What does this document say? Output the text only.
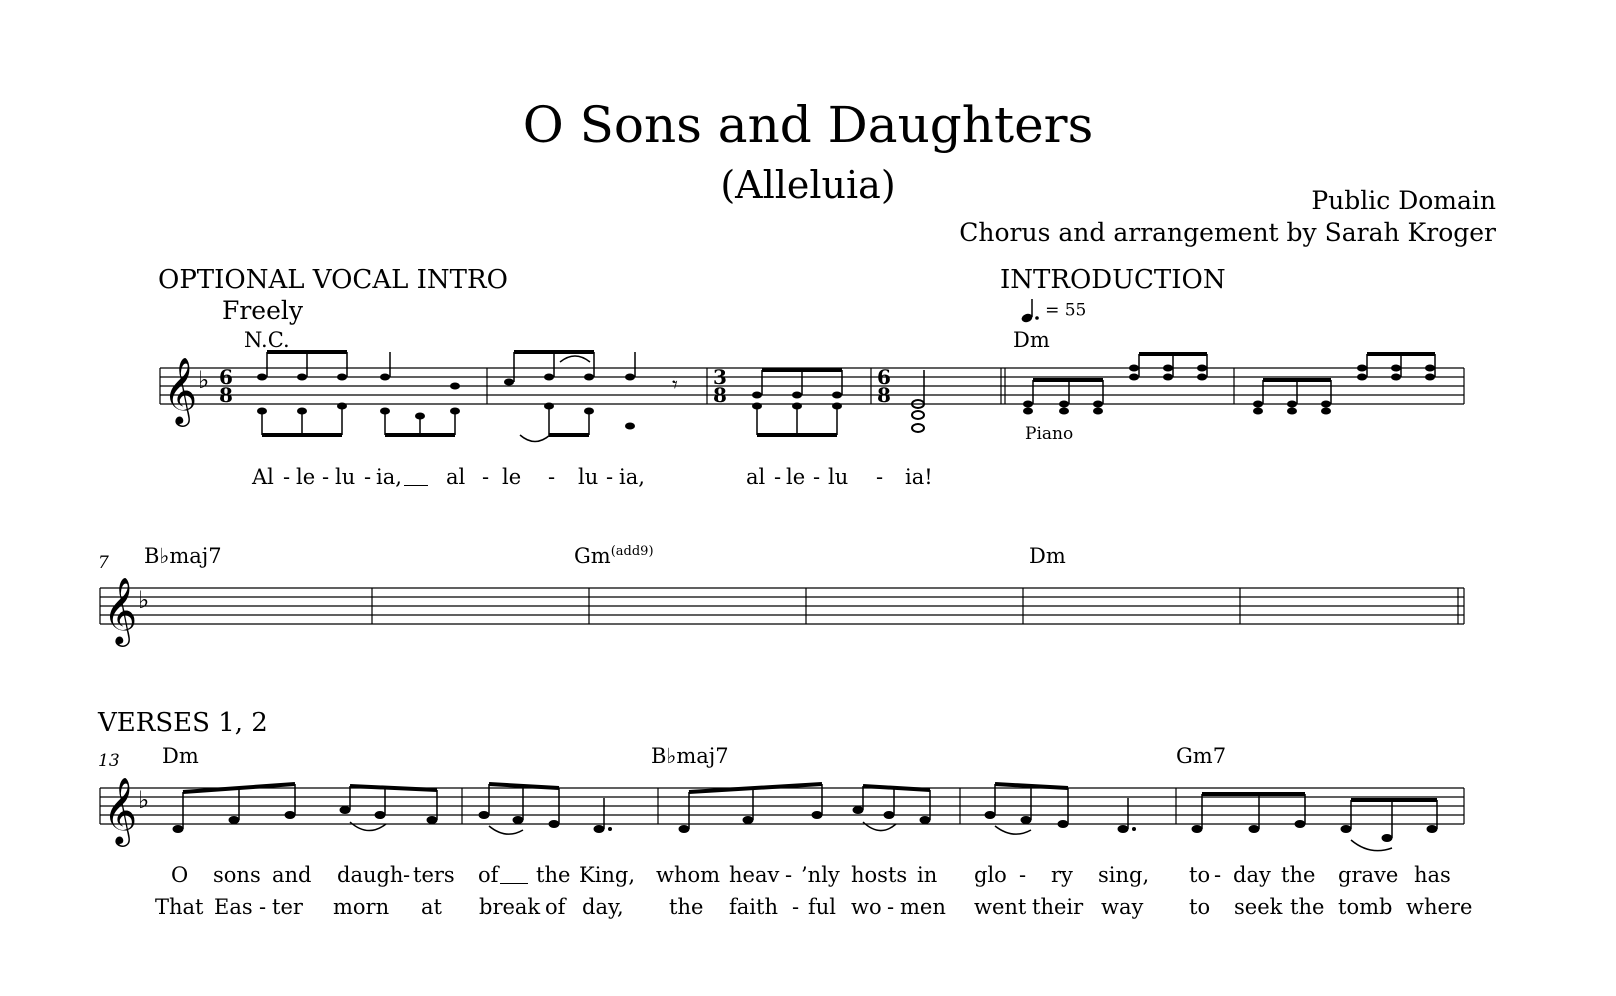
O Sons and Daughters
(Alleluia)	Public Domain
Chorus and arrangement by Sarah Kroger
OPTIONAL VOCAL INTRO
Freely
N.C.
INTRODUCTION
= 55
Dm
Piano
𝄞 ♭ 6
8
3
8
6
8
𝄾
Al - le - lu - ia, al - le - lu - ia,	al - le - lu - ia!
7 B♭maj7	$Gm^{(add9)}$	Dm
𝄞 ♭
VERSES 1, 2
13 Dm	B♭maj7	Gm7
𝄞 ♭
O sons and daugh - ters of the King, whom heav - ’nly hosts in glo - ry sing, to - day the grave has
That Eas - ter morn at break of day, the faith - ful wo - men went their way to seek the tomb where
